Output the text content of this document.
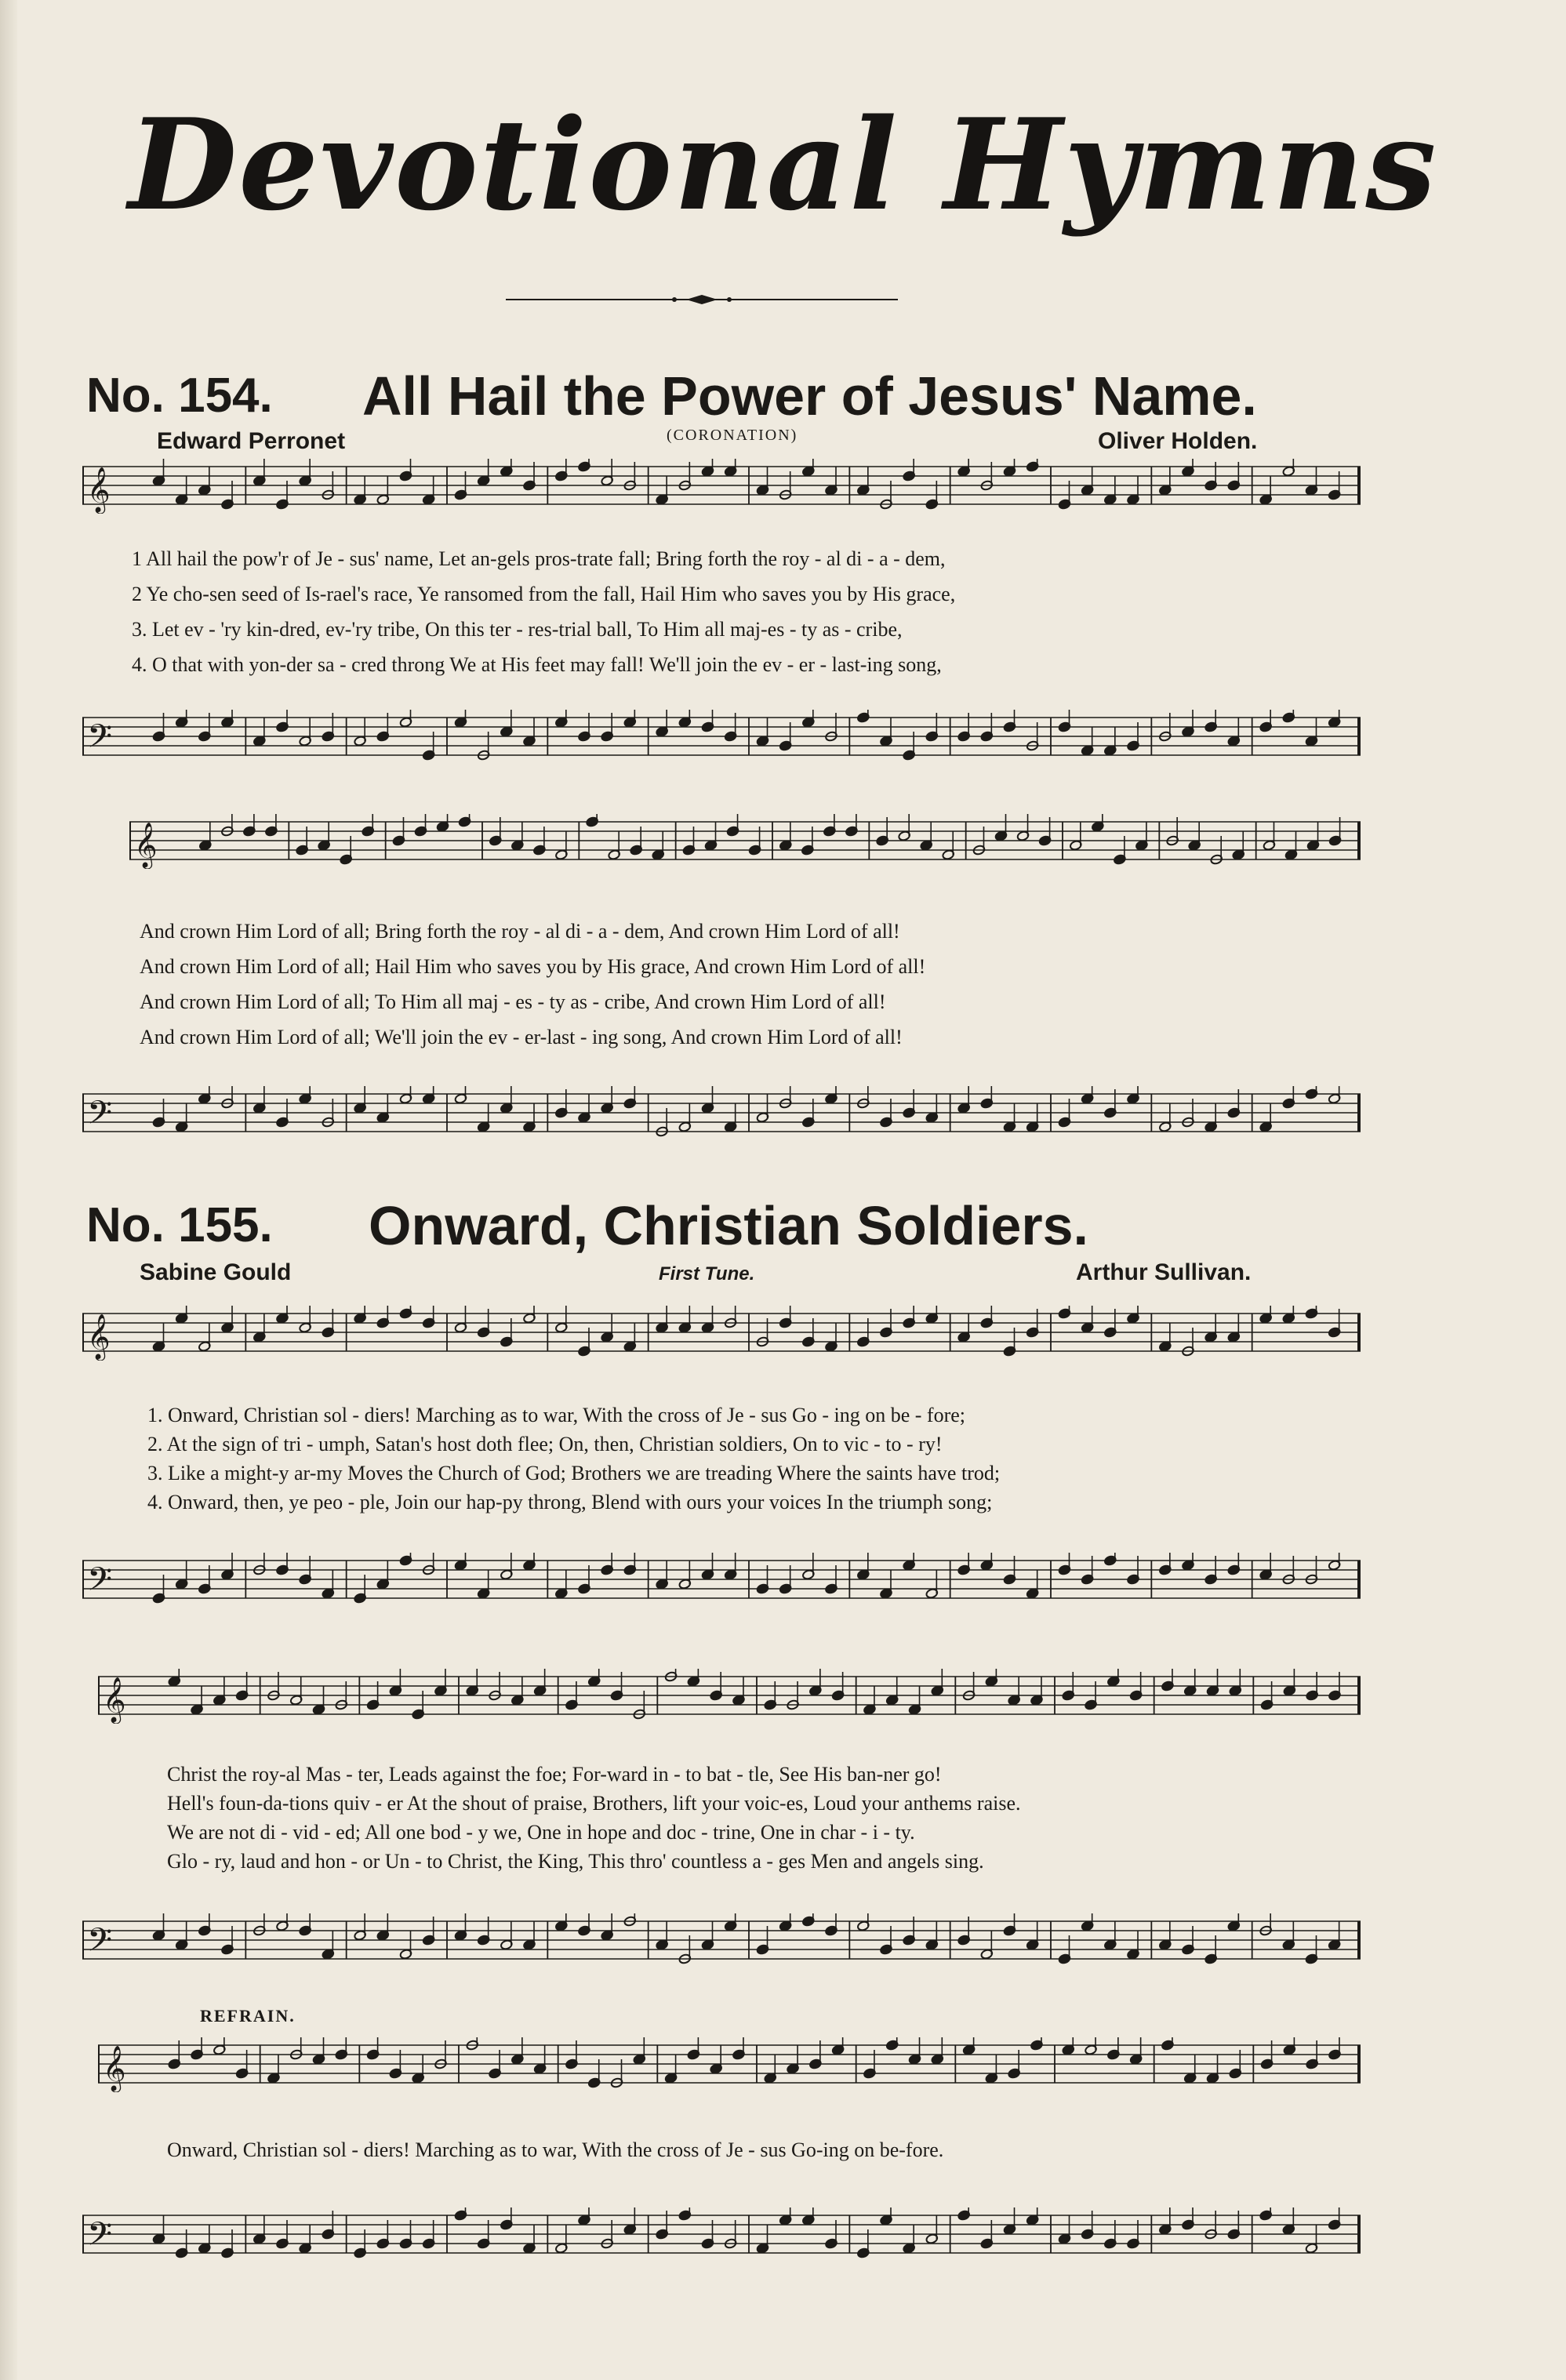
Devotional Hymns
No. 154. All Hail the Power of Jesus' Name.
Edward Perronet	(CORONATION)	Oliver Holden.
𝄞
1 All hail the pow'r of Je - sus' name, Let an-gels pros-trate fall; Bring forth the roy - al di - a - dem,
2 Ye cho-sen seed of Is-rael's race, Ye ransomed from the fall, Hail Him who saves you by His grace,
3. Let ev - 'ry kin-dred, ev-'ry tribe, On this ter - res-trial ball, To Him all maj-es - ty as - cribe,
4. O that with yon-der sa - cred throng We at His feet may fall! We'll join the ev - er - last-ing song,
𝄢
𝄞
And crown Him Lord of all; Bring forth the roy - al di - a - dem, And crown Him Lord of all!
And crown Him Lord of all; Hail Him who saves you by His grace, And crown Him Lord of all!
And crown Him Lord of all; To Him all maj - es - ty as - cribe, And crown Him Lord of all!
And crown Him Lord of all; We'll join the ev - er-last - ing song, And crown Him Lord of all!
𝄢
No. 155. Onward, Christian Soldiers.
Sabine Gould	First Tune.	Arthur Sullivan.
𝄞
1. Onward, Christian sol - diers! Marching as to war, With the cross of Je - sus Go - ing on be - fore;
2. At the sign of tri - umph, Satan's host doth flee; On, then, Christian soldiers, On to vic - to - ry!
3. Like a might-y ar-my Moves the Church of God; Brothers we are treading Where the saints have trod;
4. Onward, then, ye peo - ple, Join our hap-py throng, Blend with ours your voices In the triumph song;
𝄢
𝄞
Christ the roy-al Mas - ter, Leads against the foe; For-ward in - to bat - tle, See His ban-ner go!
Hell's foun-da-tions quiv - er At the shout of praise, Brothers, lift your voic-es, Loud your anthems raise.
We are not di - vid - ed; All one bod - y we, One in hope and doc - trine, One in char - i - ty.
Glo - ry, laud and hon - or Un - to Christ, the King, This thro' countless a - ges Men and angels sing.
𝄢
REFRAIN.
𝄞
Onward, Christian sol - diers! Marching as to war, With the cross of Je - sus Go-ing on be-fore.
𝄢
